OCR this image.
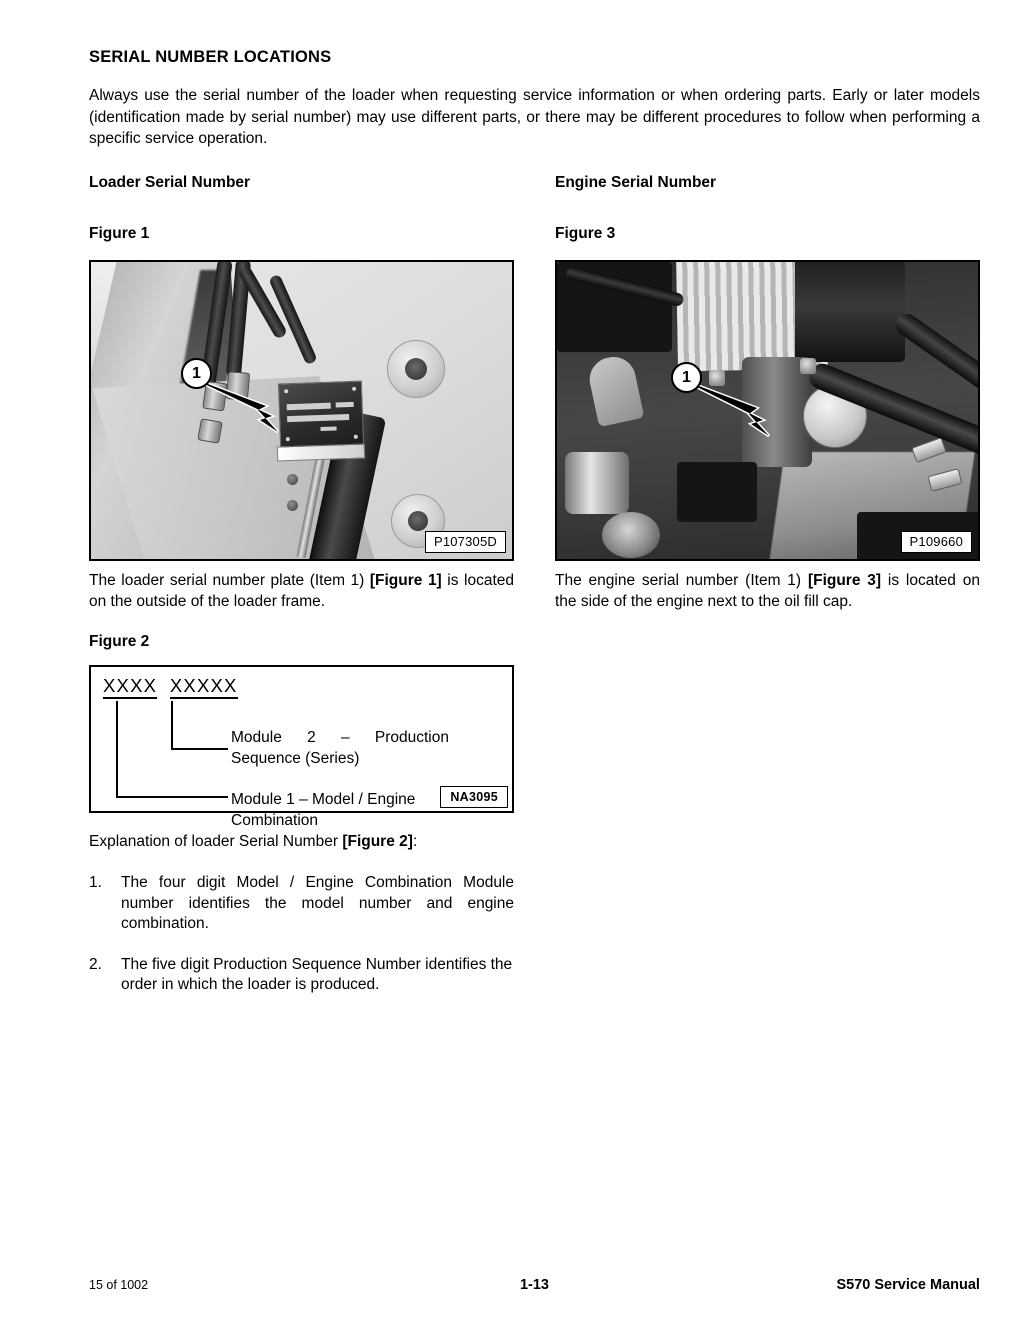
SERIAL NUMBER LOCATIONS

Always use the serial number of the loader when requesting service information or when ordering parts. Early or later models (identification made by serial number) may use different parts, or there may be different procedures to follow when performing a specific service operation.

Loader Serial Number
Figure 1
1
P107305D
Engine Serial Number
Figure 3
1
P109660

The loader serial number plate (Item 1) [Figure 1] is located on the outside of the loader frame.

The engine serial number (Item 1) [Figure 3] is located on the side of the engine next to the oil fill cap.

Figure 2
XXXX XXXXX
Module 2 – Production Sequence (Series)
Module 1 – Model / Engine Combination
NA3095
Explanation of loader Serial Number [Figure 2]:
1.	The four digit Model / Engine Combination Module number identifies the model number and engine combination.
2.	The five digit Production Sequence Number identifies the order in which the loader is produced.
15 of 1002	1-13	S570 Service Manual
